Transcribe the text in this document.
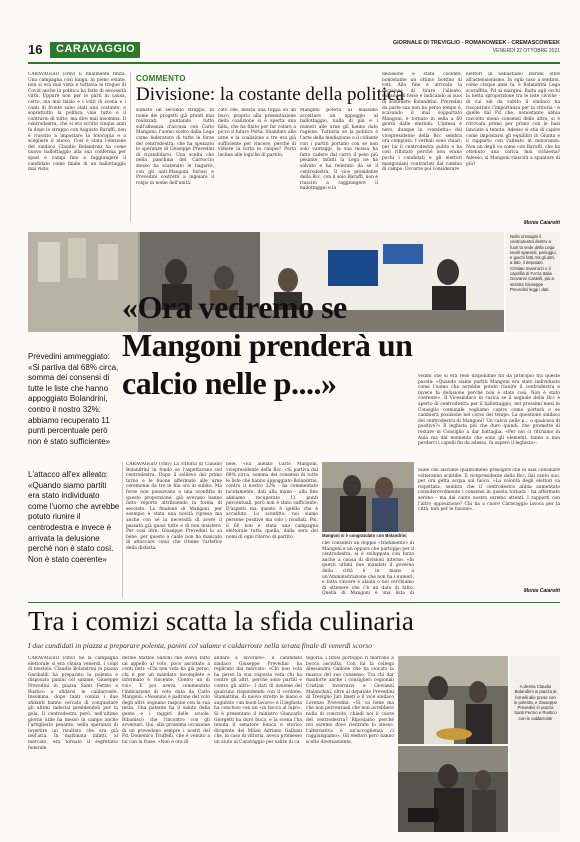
16 CARAVAGGIO	GIORNALE DI TREVIGLIO - ROMANOWEEK - CREMASCOWEEK
VENERDÌ 22 OTTOBRE 2021
CARAVAGGIO (cmv) È finalmente finita. Una campagna così lunga, in pieno estate, non si era mai vista e tuttavia le tregue di Covid anche la politica ha fatto di necessità virtù. Eppure non per le parti in causa, certo, ma mai inizio e i volti di scena e i canti di fronte sono stati una costante, e soprattutto la politica vale tutto e il contrario di tutto, ma dire mai insomma. Il centrodestra, che si era scritto cinque anni fa dopo lo strappo con Augusto Baruffi, non è riuscito a impostare la fotocopia e a scegliere il nuovo. Così è stata l'elezione del sindaco Claudio Bolandrini ha come nuovo ballottaggio alla sua conferma per spazi e campi fino a raggiungere il candidato come finale di un ballottaggio mai visto.
COMMENTO
Divisione: la costante della politica
sumato un secondo strappo, in nome dei progetti già pronti mai realizzati, puntando tutto sull'alleanza d'accusa con Carlo Mangoni: l'uomo scelto dalla Lega come federatore di tutte le forze del centrodestra, che ha spezzato le speranze di Giuseppe Prevedini di ricandidarsi. Una scelta che nella panchina del Carroccio stesso ha scatenato le bagarre, con gli anti-Mangoni furiosi e Prevedini costretti a ingoiare il rospo in nome dell'unità.
cato che, messa una toppa su un buco, proprio alla presentazione della coalizione si è aperta una falla, che ha finito per far colare a picco il futuro Porta. Sbandato alle urne e la coalizione a tre era già sufficiente per vincere, perché di vidiere la torta in cinque? Porta incline alle logiche di partito,
Mangoni poteva al massimo accettare un appoggio al ballottaggio, nulla di più e i numeri alle urne gli hanno dato ragione. Tuttavia se la politica è l'arte della mediazione e il collante con i partiti portano con sé non solo vantaggi, la sua mossa ha fatto cadere dal carro il peso più pesante, infatti la Lega ne ha salvato e ha federato da sé il centrodestra. Il vice presidente della Bcc, con il solo Baruffi, non è riuscito a raggiungere il ballottaggio e la
delusione è stata cocente, nonostante un ottimo bottino di voti. Alla fine è arrivata la decisione di tirare l'alleato, saltando il fosso e indicando ai suoi di sostenere Bolandrini. Prevedini da parte sua non ha perso tempo e, scavando il mal sopportato Mangoni, è tornato in sella a 60 giorni dalle elezioni. L'intesa è nero, dunque la «vendetta» del vicepresidente della Bcc sembra ora compiuta. I verbali sono chiari: per lui il centrodestra pulito e ha così rifiutato perché non erano pochi i candidati e gli elettori mangoniani contrariati dal cambio di campo. Occorre poi considerare
elettori di Sebastiano Buroni oltre all'astensionismo. In ogni caso a sentirsi, come cinque anni fa, è Bolandrini Lega scoraffita, Pd ai margini. Balta agli occhi la netta sproporzione tra le liste civiche - di cui sin da subito il sindaco ha riscontrato l'importanza per la vittoria - e quelle dal Pd che, nonostante abbia raccolto meno consensi delle altre, si è ritrovata primo per primo con le basi lanciate a tenuto. Adesso si stia di capire come impostarsi gli equilibri in Giunta e il rapporto con l'alleato in minoranza. Non un degli va come con Baruffi, che ha ottenuto una carica mai richiesta? Adesso, si Mangoni riuscirà a spuntare di più?
Monia Caiarotti
Nello immagini il centrodestra dentro a fuori la sede della Lega tavoli sparenti, pareggio, e giochi fatti, tra gli altri, a lato, il deputato Cristian Invernizzi e il capofila di Forza Italia Giovanni Castelli, più a sinistra Giuseppe Prevedini leggi i dati
Prevedini ammeggiato: «Si partiva dal 68% circa, somma dei consensi di tutte le liste che hanno appoggiato Bolandrini, contro il nostro 32%: abbiamo recuperato 11 punti percentuale però non è stato sufficiente»
«Ora vedremo se Mangoni prenderà un calcio nelle p....»
L'attacco all'ex alleato: «Quando siamo partiti era stato individuato come l'uomo che avrebbe potuto riunire il centrodestra e invece è arrivata la delusione perché non è stato così. Non è stato coerente»
CARAVAGGIO (cmv) La vittoria di Claudio Bolandrini in fondo se l'aspettavano nel centrodestra. Dopo il sollievo del primo turno e le buone affermate alle urne ceremonie da tre in fila ora in subito. Ma forse non pensavano a una sconfitta di questo proporzione: già avevano hanno fatto reporto attribuendo in forma di secondo. La finalone di Mangoni, per esempio è stata una novità ripresa ma anche con sé la necessità di avere il passato già quasi tutto e di non insistere. Per così dire, Giuseppe Prevedini lo sa bene, per questo a caldo non ha mancato di attaccare colui che ritiene l'artefice della disfatta.
bele. «Ex alleato Carlo Mangoni, vicepresidente della Bcc. «Si partiva dal 68% circa, somma dei consensi di tutte le liste che hanno appoggiato Bolandrini, contro il nostro 32% - ha commentato lucidamente, dati alla mano - alla fine abbiamo recuperato 11 punti percentuali, però non è stato sufficiente. D'aspetti ma questo è quello che è accaduto. Lo sconfitto, noi siamo persone positive ma solo i risultati. Poi, il 60 non è stata una campagna elettorale tutta quella, dalla sera dei nomi di ogni ritorno di partito.	Mangoni si è congratulato con Bolandrini
che consideri un doppio «tradimento» di Mangoni e un oppure che partoppo per il centrodestra, si è sviluppata con forza anche a causa di divisioni interne. «In questi ultimi due mandati il governo della città è in mano a un'Amministrazione che non ha i numeri, e fatta vincere e alzata o noi cerchiamo di ottenere che c'è un dato di fatto. Quella di Mangoni è una lista di
vedini che si era reso disponibile fin da principio tra queste parole: «Quando siamo partiti Mangoni era stato individuato come l'uomo che avrebbe potuto riunire il centrodestra e invece fa delusione perché non è stato così. Non è stato coerente». Il Vicesindaco in carica se il segnale della Bcc è aperto di centrodestra per il ballottaggio, nel prossimi mesi in Consiglio comunale vogliamo capire come porterà o se cambierà posizione nel corso del tempo. La questione sindaco del centrodestra di Mangoni? Un calcio nelle p... o qualcosa di positivo?» Il leghista più che duro quindi, che promette di restare in Consiglio a dar battaglia. «Per noi ci ritiriamo in Aula ma dal momento che sono gli elementi, fanno a non perderci i capelli fin da adesso, fa sapere il leghista».
Sulle che lasciano quantomeno presagire che in sala consiliare volteranno scintille. Il vicepresidente della Bcc, dal canto suo, per ora getta acqua sul fuoco. «La volontà degli elettori va rispettata, sembra che il centrodestra abbia aumentato considerevolmente i consensi in questa tornata - ha affermato sereno - ma dal canto nostro saremo attenti. I rapporti con l'altro opposizione? Chi ha a cuore Caravaggio lavora per la città, non per le fazioni».
Monia Caiarotti
Tra i comizi scatta la sfida culinaria
I due candidati in piazza a preparare polenta, panini col salame e caldarroste nella serata finale di venerdì scorso
CARAVAGGIO (cmv) Se la campagna elettorale si era chiusa venerdì, i colpi di mestolo. Claudio Bolandrini in piazza Garibaldi ha preparato la polenta e disposato panini col salame, Giuseppe Prevedini in piazza Santi Fermo e Rustico a sfidarsi le caldarroste. Insomma, dopo tanti comizi i due sfidanti hanno cercato di conquistare gli ultimi indecisi prendendoli per la gola. Il centrodestra però, nell'ultimo giorno utile ha messo in campo anche l'artiglieria pesante, nella speranza di invertire un risultato che era già nell'aria. In mattinata infatti, al mercato, era tornato il segretario federale
derale Matteo Salvini che aveva fatto un appello al voto, poco ascoltato a conti fatti: «Chi non vota ha già perso, chi è per un mandato incomplete e informato è vincente. Contro un di voi». E poi aveva commentato l'indicazione di voto data da Carlo Mangoni: «Nessuno è padrone del voto degli altri: sognano raspone con la sua testa. Una patente ha il saluto della gente e i raggiri delle scuole. Ribadisco che l'incontro con gli avversari. Qui, alla prossima occasione di un prevedono sempre i nostri del Pd, Domenico Truffelli, che è venuto a lui con la frase: «Non è ora di
andare a lavorare», il candidato sindaco Giuseppe Prevedini ha replicato dal mercato: «Chi non vota ha perso la sua risposta vera chi ha contro gli altri, perché sono partiti e contro gli altri». I dati di insieme del qualcuno rispondendo con il cordone. Stamattina, di nuovo stretto le mano e augurato «un buon lavoro» e il leghista ha concluso con un «in bocca al lupo». Si è presentato il ministro Giancarlo Giorgetti ha duro buca, e la scena l'ha tenuta il senatore fonica e storico dirigente del Milan Adriano Galliani che, in caso di vittoria, aveva promesso un aiuto al Caravaggio per salire di ca
tegoria: i tifosi portoppo ri marrono a bocca asciutta. Con lui la collega Alessandra Gallone che ha ciocato la musica del suo consenso. Tra chi dar manforte anche i consiglieri regionali Cristian Invernizzi e Giovanni Malanchini, oltre al deputato Prevedini di Treviglio Juri Imeri e il vice sindaco Lorenzo Prevedini. «Sì, va bene ma che non percentuali che non avrebbero nulla di concreto, chiedi noi il cuore del centrodestra? Riposiamo perché noi saremo dove rientrate lo stesso, l'alternativa è un'accoglienza ci raggiungiamo». Gli elettori però hanno scelto diversamente.
A destra Claudio Bolandrini in piazza ai fornelli alle prese con le polenta, e Giuseppe Prevedini in piazza Santi Fermo e Rustico con le caldarroste
